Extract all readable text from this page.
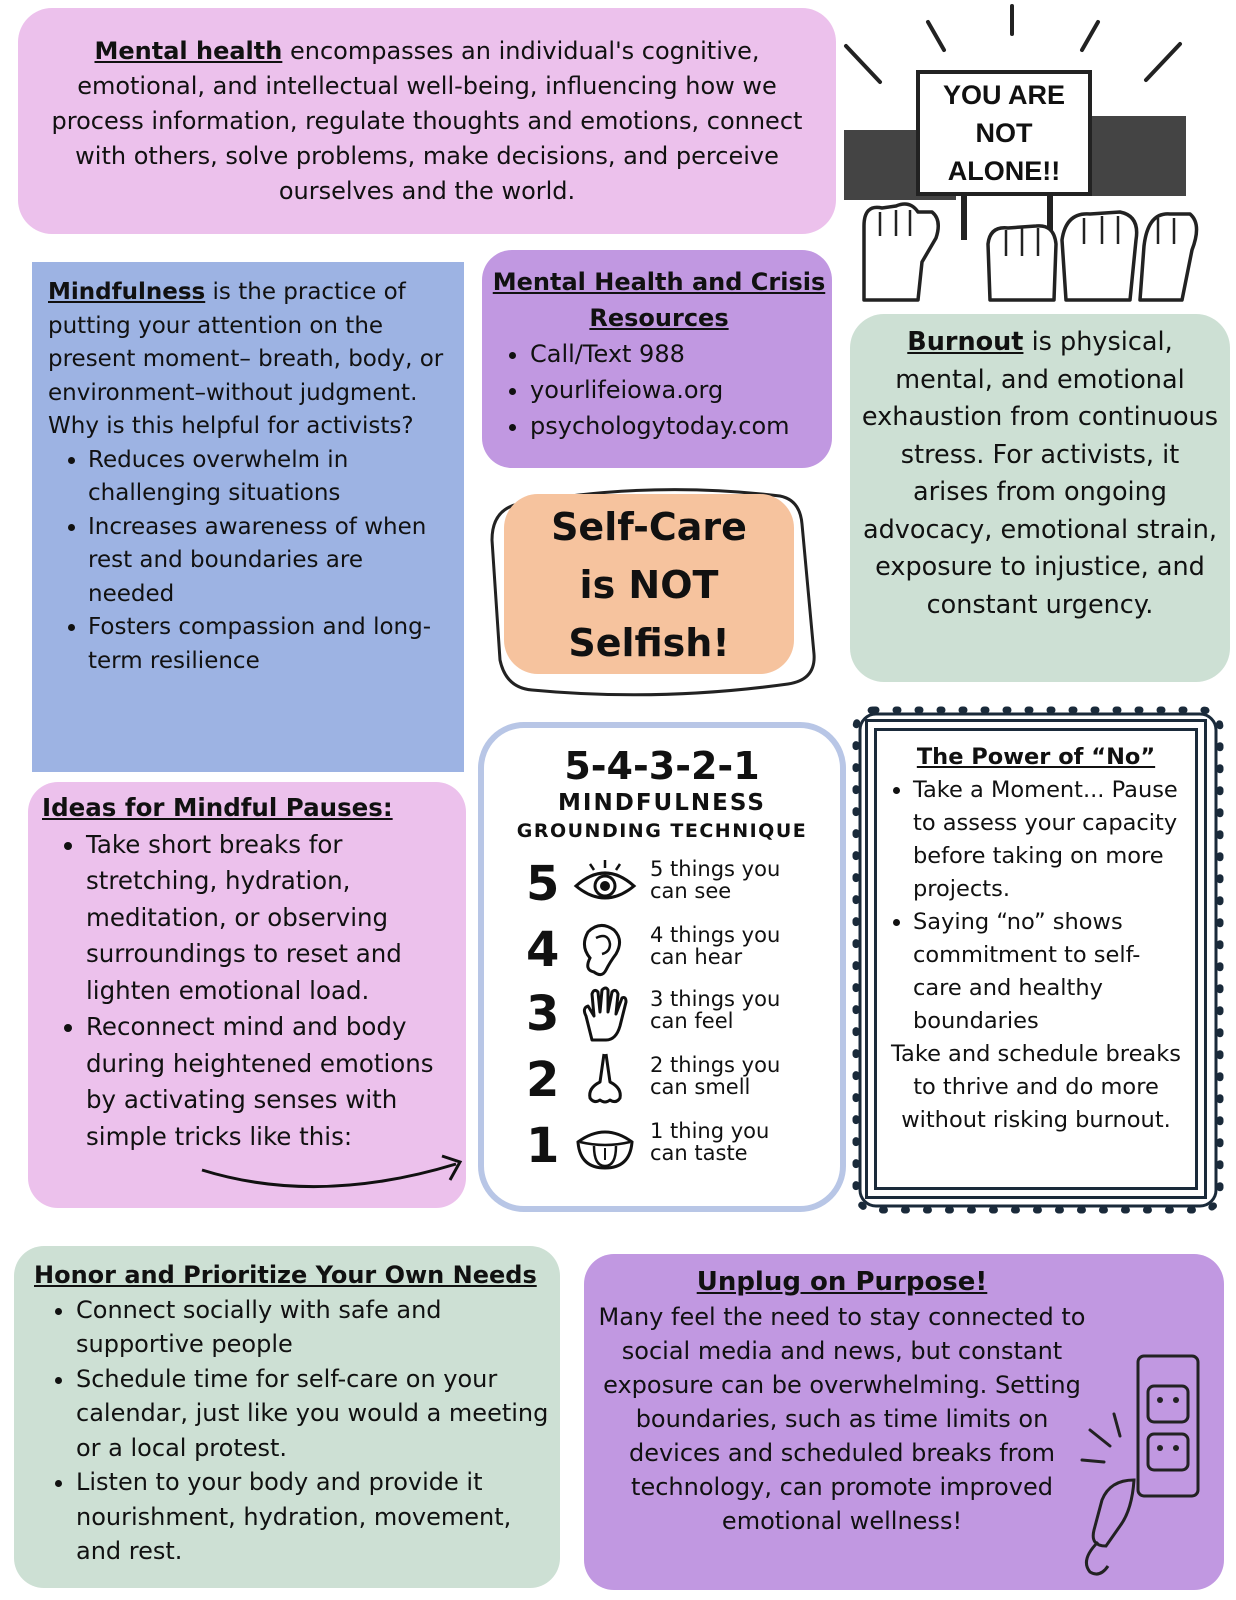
Mental health encompasses an individual's cognitive, emotional, and intellectual well-being, influencing how we process information, regulate thoughts and emotions, connect with others, solve problems, make decisions, and perceive ourselves and the world.
YOU ARE
NOT
ALONE!!
Mindfulness is the practice of putting your attention on the present moment– breath, body, or environment–without judgment.
Why is this helpful for activists?
• Reduces overwhelm in challenging situations
• Increases awareness of when rest and boundaries are needed
• Fosters compassion and long-term resilience
Mental Health and Crisis Resources
• Call/Text 988
• yourlifeiowa.org
• psychologytoday.com
Self-Care
is NOT
Selfish!
Burnout is physical, mental, and emotional exhaustion from continuous stress. For activists, it arises from ongoing advocacy, emotional strain, exposure to injustice, and constant urgency.
Ideas for Mindful Pauses:
• Take short breaks for stretching, hydration, meditation, or observing surroundings to reset and lighten emotional load.
• Reconnect mind and body during heightened emotions by activating senses with simple tricks like this:
5-4-3-2-1
MINDFULNESS
GROUNDING TECHNIQUE
5	5 things you
can see
4	4 things you
can hear
3	3 things you
can feel
2	2 things you
can smell
1	1 thing you
can taste
The Power of “No”
• Take a Moment... Pause to assess your capacity before taking on more projects.
• Saying “no” shows commitment to self-care and healthy boundaries
Take and schedule breaks to thrive and do more without risking burnout.
Honor and Prioritize Your Own Needs
• Connect socially with safe and supportive people
• Schedule time for self-care on your calendar, just like you would a meeting or a local protest.
• Listen to your body and provide it nourishment, hydration, movement, and rest.
Unplug on Purpose!
Many feel the need to stay connected to social media and news, but constant exposure can be overwhelming. Setting boundaries, such as time limits on devices and scheduled breaks from technology, can promote improved emotional wellness!
